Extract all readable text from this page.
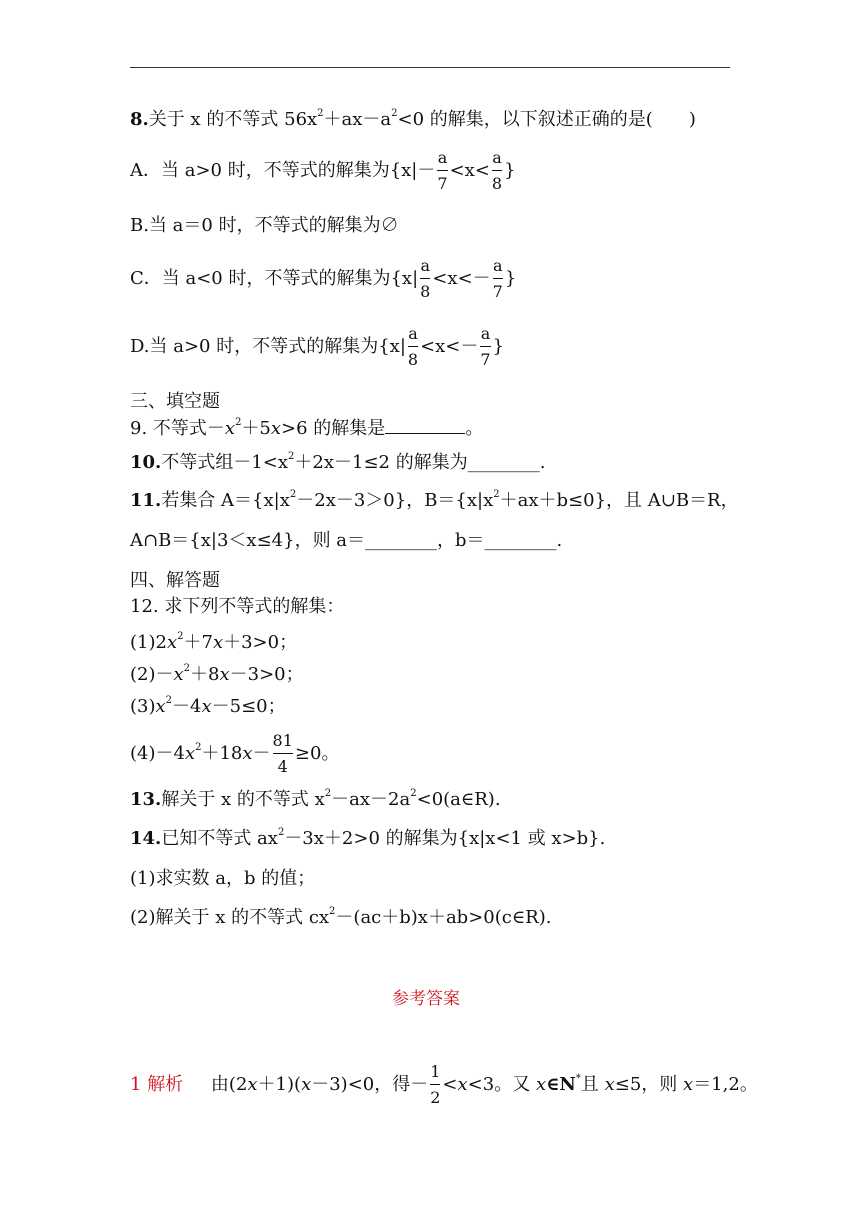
8.关于 x 的不等式 $56x^2+ax-a^2<0$ 的解集，以下叙述正确的是(　　)
A．当 a>0 时，不等式的解集为{$x|- \frac{a}{7} <x< \frac{a}{8}$ }
B.当 a＝0 时，不等式的解集为∅
C．当 a<0 时，不等式的解集为{$x| \frac{a}{8} <x<- \frac{a}{7}$ }
D.当 a>0 时，不等式的解集为{$x| \frac{a}{8} <x<- \frac{a}{7}$ }
三、填空题
9. 不等式$-x^2+5x>6$ 的解集是	。
10.不等式组$-1<x^2+2x-1\le 2$ 的解集为________.
11.若集合 $A=\{x|x^2-2x-3>0\}$，$B=\{x|x^2+ax+b\le 0\}$，且 A∪B＝R，
A∩B＝{x|3＜x≤4}，则 a＝________，b＝________.
四、解答题
12. 求下列不等式的解集：
$(1)2x^2+7x+3>0$；
$(2)-x^2+8x-3>0$；
$(3)x^2-4x-5\le 0$；
$(4)-4x^2+18x- \frac{81}{4} \ge 0$。
13.解关于 x 的不等式 $x^2-ax-2a^2<0(a\in R)$.
14.已知不等式 $ax^2-3x+2>0$ 的解集为{x|x<1 或 x>b}.
(1)求实数 a，b 的值；
(2)解关于 x 的不等式 $cx^2-(ac+b)x+ab>0(c\in R)$.
参考答案
1 解析 由(2x＋1)(x－3)<0，得－ $\frac{1}{2} <x<3$。又 x∈N*且 x≤5，则 x＝1,2。
